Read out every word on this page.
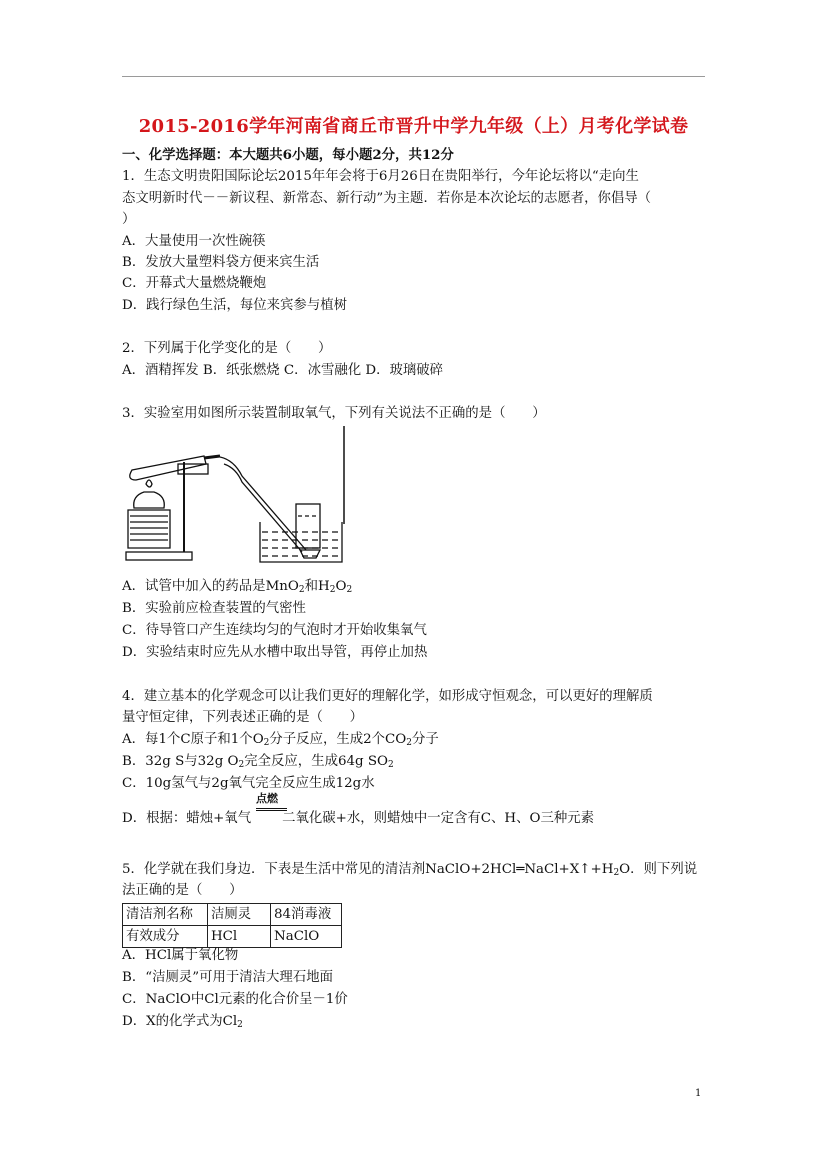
2015-2016学年河南省商丘市晋升中学九年级（上）月考化学试卷
一、化学选择题：本大题共6小题，每小题2分，共12分
1．生态文明贵阳国际论坛2015年年会将于6月26日在贵阳举行，今年论坛将以“走向生
态文明新时代－－新议程、新常态、新行动”为主题．若你是本次论坛的志愿者，你倡导（
）
A．大量使用一次性碗筷
B．发放大量塑料袋方便来宾生活
C．开幕式大量燃烧鞭炮
D．践行绿色生活，每位来宾参与植树
2．下列属于化学变化的是（　　）
A．酒精挥发 B．纸张燃烧 C．冰雪融化 D．玻璃破碎
3．实验室用如图所示装置制取氧气，下列有关说法不正确的是（　　）
A．试管中加入的药品是MnO$_2$和$H_2O_2$
B．实验前应检查装置的气密性
C．待导管口产生连续均匀的气泡时才开始收集氧气
D．实验结束时应先从水槽中取出导管，再停止加热
4．建立基本的化学观念可以让我们更好的理解化学，如形成守恒观念，可以更好的理解质
量守恒定律，下列表述正确的是（　　）
A．每1个C原子和1个$O_2$分子反应，生成2个$CO_2$分子
B．32g S与32g $O_2$完全反应，生成64g $SO_2$
C．10g氢气与2g氧气完全反应生成12g水
点燃
D．根据：蜡烛+氧气 二氧化碳+水，则蜡烛中一定含有C、H、O三种元素
5．化学就在我们身边．下表是生活中常见的清洁剂$NaClO+2HCl═NaCl+X↑+H_2O$．则下列说
法正确的是（　　）
清洁剂名称	洁厕灵	84消毒液
有效成分	HCl	NaClO
A．HCl属于氧化物
B．“洁厕灵”可用于清洁大理石地面
C．NaClO中Cl元素的化合价呈－1价
D．X的化学式为$Cl_2$
1
